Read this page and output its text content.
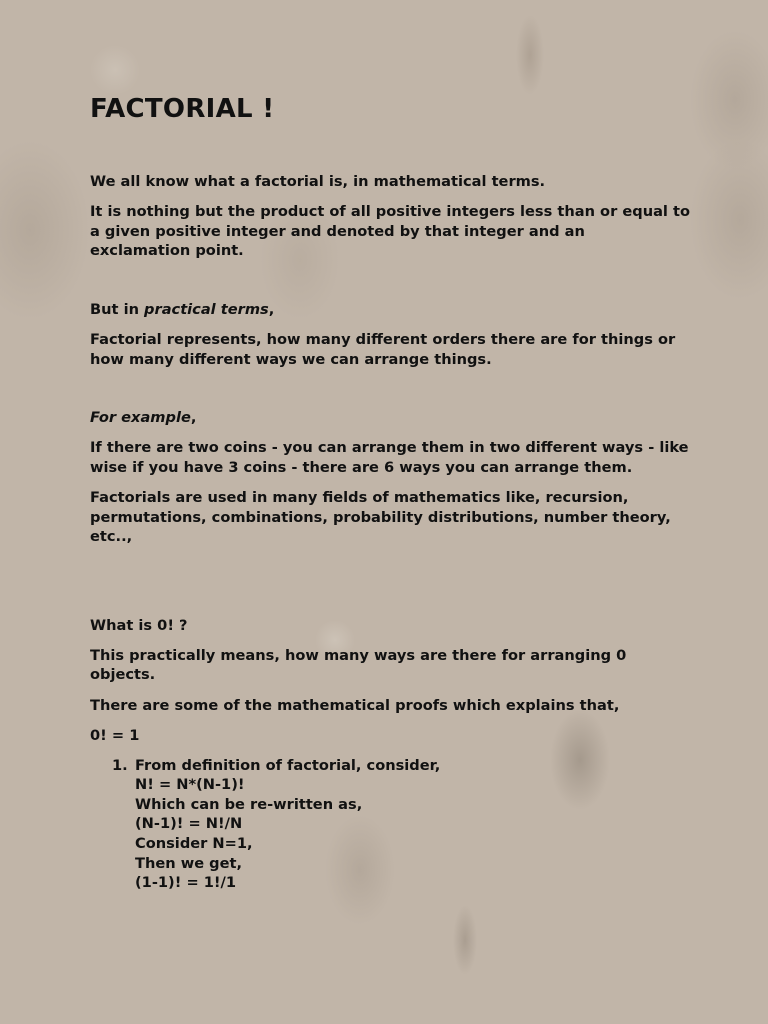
FACTORIAL !

We all know what a factorial is, in mathematical terms.

It is nothing but the product of all positive integers less than or equal to a given positive integer and denoted by that integer and an exclamation point.

But in practical terms,

Factorial represents, how many different orders there are for things or how many different ways we can arrange things.

For example,

If there are two coins - you can arrange them in two different ways - like wise if you have 3 coins - there are 6 ways you can arrange them.

Factorials are used in many fields of mathematics like, recursion, permutations, combinations, probability distributions, number theory, etc..,

What is 0! ?

This practically means, how many ways are there for arranging 0 objects.

There are some of the mathematical proofs which explains that,

0! = 1

1. From definition of factorial, consider,
N! = N*(N-1)!
Which can be re-written as,
(N-1)! = N!/N
Consider N=1,
Then we get,
(1-1)! = 1!/1
